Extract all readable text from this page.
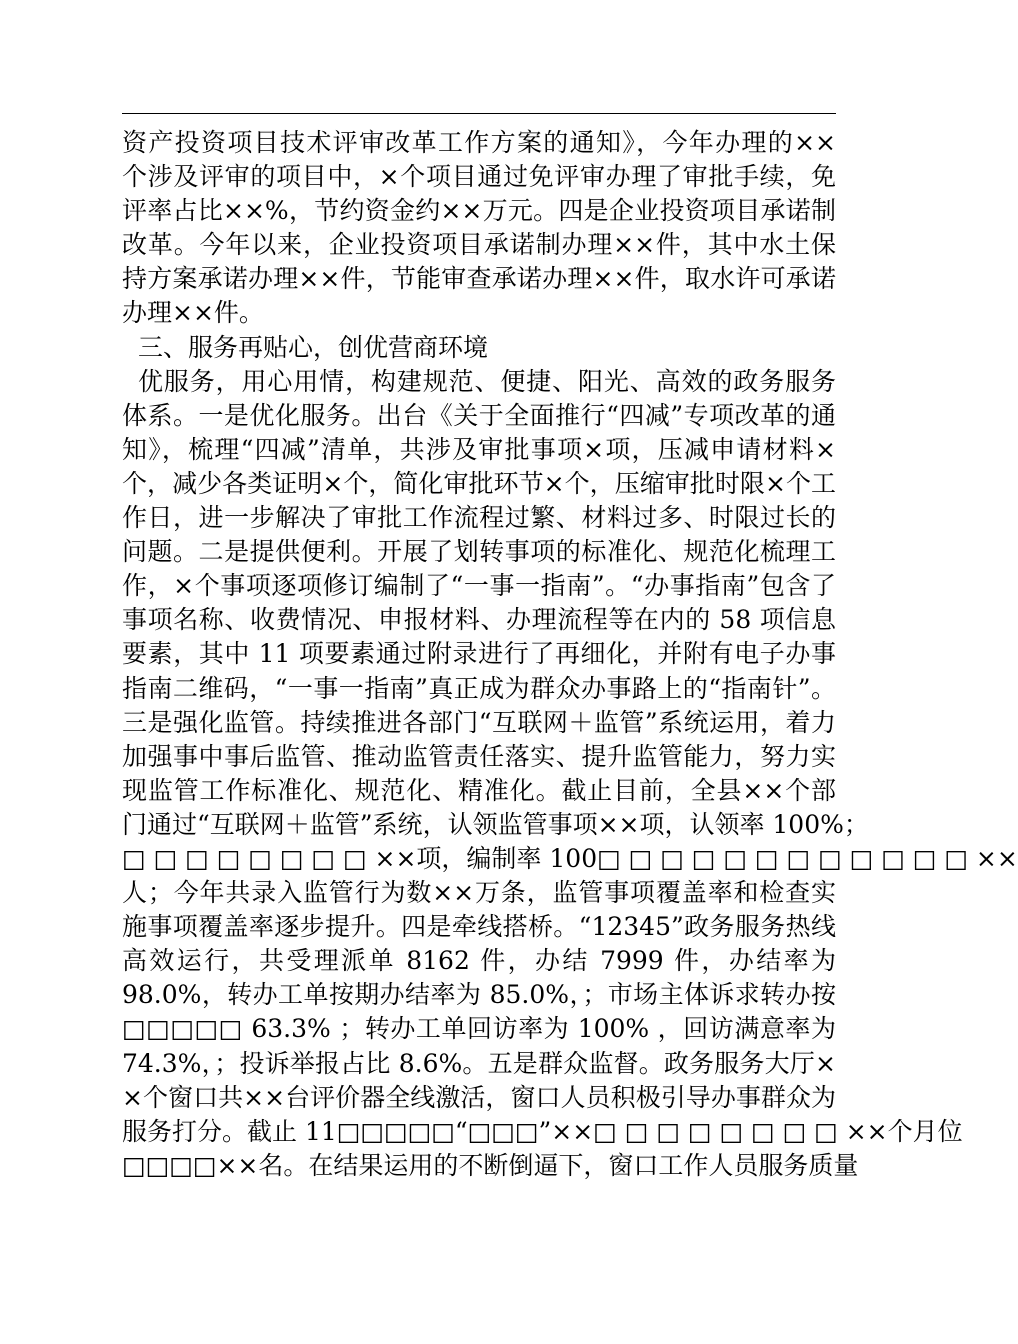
资产投资项目技术评审改革工作方案的通知》，今年办理的××
个涉及评审的项目中，×个项目通过免评审办理了审批手续，免
评率占比××%，节约资金约××万元。四是企业投资项目承诺制
改革。今年以来，企业投资项目承诺制办理××件，其中水土保
持方案承诺办理××件，节能审查承诺办理××件，取水许可承诺
办理××件。
三、服务再贴心，创优营商环境
优服务，用心用情，构建规范、便捷、阳光、高效的政务服务
体系。一是优化服务。出台《关于全面推行“四减”专项改革的通
知》，梳理“四减”清单，共涉及审批事项×项，压减申请材料×
个，减少各类证明×个，简化审批环节×个，压缩审批时限×个工
作日，进一步解决了审批工作流程过繁、材料过多、时限过长的
问题。二是提供便利。开展了划转事项的标准化、规范化梳理工
作，×个事项逐项修订编制了“一事一指南”。“办事指南”包含了
事项名称、收费情况、申报材料、办理流程等在内的 58 项信息
要素，其中 11 项要素通过附录进行了再细化，并附有电子办事
指南二维码，“一事一指南”真正成为群众办事路上的“指南针”。
三是强化监管。持续推进各部门“互联网＋监管”系统运用，着力
加强事中事后监管、推动监管责任落实、提升监管能力，努力实
现监管工作标准化、规范化、精准化。截止目前，全县××个部
门通过“互联网＋监管”系统，认领监管事项××项，认领率 100%；
□ □ □ □ □ □ □ □ ××项，编制率 100□ □ □ □ □ □ □ □ □ □ □ □ ××
人；今年共录入监管行为数××万条，监管事项覆盖率和检查实
施事项覆盖率逐步提升。四是牵线搭桥。“12345”政务服务热线
高效运行，共受理派单 8162 件，办结 7999 件，办结率为
98.0%，转办工单按期办结率为 85.0%，；市场主体诉求转办按
□□□□□ 63.3% ；转办工单回访率为 100% ，回访满意率为
74.3%，；投诉举报占比 8.6%。五是群众监督。政务服务大厅×
×个窗口共××台评价器全线激活，窗口人员积极引导办事群众为
服务打分。截止 11□□□□□“□□□”××□ □ □ □ □ □ □ □ ××个月位
□□□□××名。在结果运用的不断倒逼下，窗口工作人员服务质量
